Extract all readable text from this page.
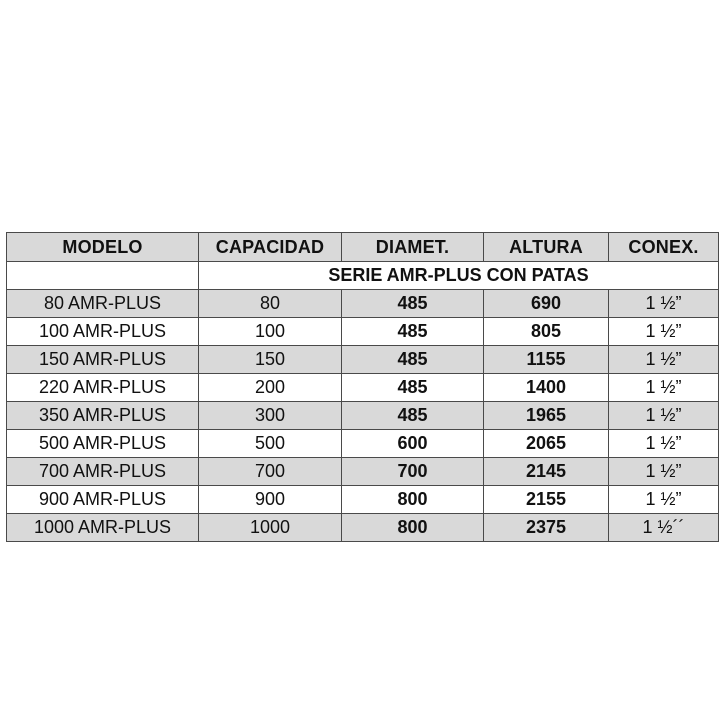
MODELO	CAPACIDAD	DIAMET.	ALTURA	CONEX.
	SERIE AMR-PLUS CON PATAS			
80 AMR-PLUS	80	485	690	1 ½”
100 AMR-PLUS	100	485	805	1 ½”
150 AMR-PLUS	150	485	1155	1 ½”
220 AMR-PLUS	200	485	1400	1 ½”
350 AMR-PLUS	300	485	1965	1 ½”
500 AMR-PLUS	500	600	2065	1 ½”
700 AMR-PLUS	700	700	2145	1 ½”
900 AMR-PLUS	900	800	2155	1 ½”
1000 AMR-PLUS	1000	800	2375	1 ½´´
